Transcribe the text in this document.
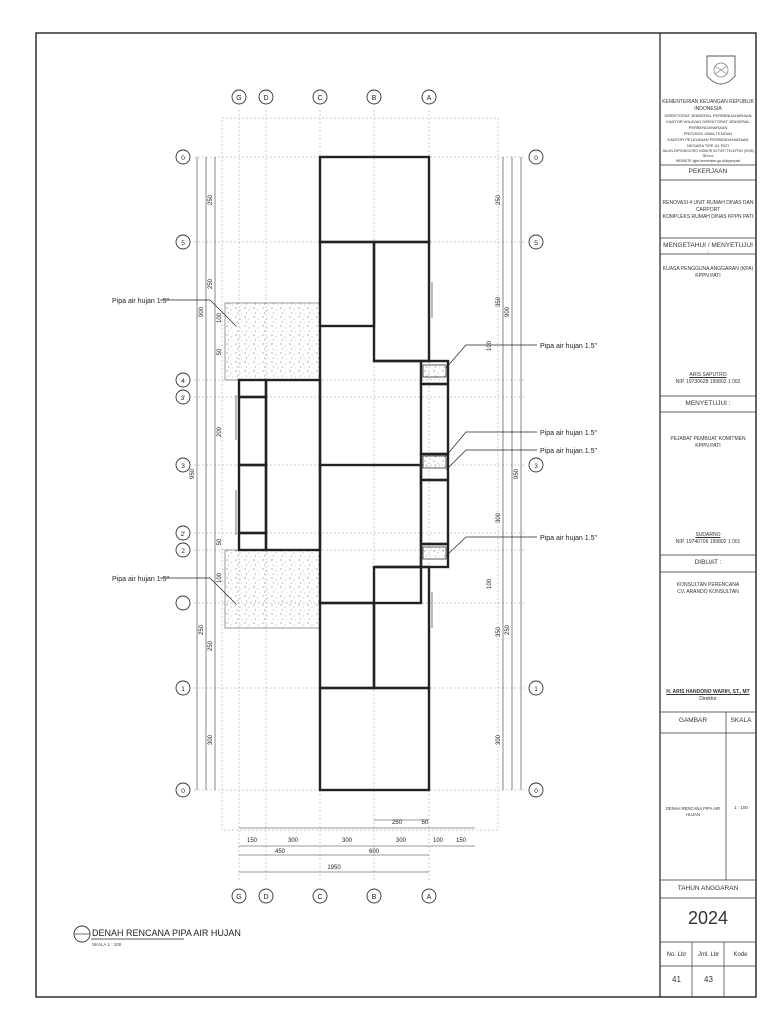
G	D	C	B	A
G	D	C	B	A
0
5
4
3'
3
2'
2
1
0
0
5
3
1
0
250
250
900
950
250
250
300
100
50
200
50
100
250
350
900
950
350 250
300
100
300
100
150	300	300	300	100 150
250	50
450	600
1950
Pipa air hujan 1.5"
Pipa air hujan 1.5"
Pipa air hujan 1.5"
Pipa air hujan 1.5"
Pipa air hujan 1.5"
Pipa air hujan 1.5"
DENAH RENCANA PIPA AIR HUJAN
SKALA 1 : 100
KEMENTERIAN KEUANGAN REPUBLIK INDONESIA
DIREKTORAT JENDERAL PERBENDAHARAAN
KANTOR WILAYAH DIREKTORAT JENDERAL PERBENDAHARAAN
PROVINSI JAWA TENGAH
KANTOR PELAYANAN PERBENDAHARAAN NEGARA TIPE A1 PATI
JALAN DIPONEGORO NOMOR 50 PATI TELEPON (0295) 381xxx
WEBSITE djpb.kemenkeu.go.id/kppn/pati
PEKERJAAN
RENOVASI 4 UNIT RUMAH DINAS DAN CARPORT
KOMPLEKS RUMAH DINAS KPPN PATI
MENGETAHUI / MENYETUJUI :
KUASA PENGGUNA ANGGARAN (KPA)
KPPN PATI
ARIS SAPUTRO
NIP. 19730628 199802 1 002
MENYETUJUI :
PEJABAT PEMBUAT KOMITMEN
KPPN PATI
SUDARNO
NIP. 19740706 199802 1 001
DIBUAT :
KONSULTAN PERENCANA
CV. ARANDO KONSULTAN
H. ARIS HANDONO WARIH, ST., MT
Direktur
GAMBAR	SKALA
DENAH RENCANA PIPA AIR HUJAN
1 : 100
TAHUN ANGGARAN
2024
No. Lbr	Jml. Lbr	Kode
41	43
